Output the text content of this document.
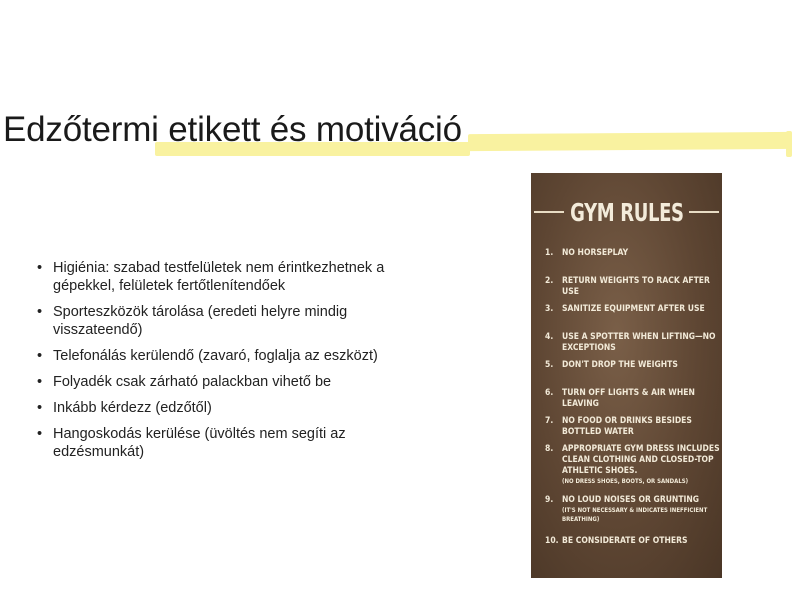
Edzőtermi etikett és motiváció
• Higiénia: szabad testfelületek nem érintkezhetnek a gépekkel, felületek fertőtlenítendőek
• Sporteszközök tárolása (eredeti helyre mindig visszateendő)
• Telefonálás kerülendő (zavaró, foglalja az eszközt)
• Folyadék csak zárható palackban vihető be
• Inkább kérdezz (edzőtől)
• Hangoskodás kerülése (üvöltés nem segíti az edzésmunkát)
GYM RULES
1.	NO HORSEPLAY
2.	RETURN WEIGHTS TO RACK AFTER USE
3.	SANITIZE EQUIPMENT AFTER USE
4.	USE A SPOTTER WHEN LIFTING—NO EXCEPTIONS
5.	DON'T DROP THE WEIGHTS
6.	TURN OFF LIGHTS & AIR WHEN LEAVING
7.	NO FOOD OR DRINKS BESIDES BOTTLED WATER
8.	APPROPRIATE GYM DRESS INCLUDES CLEAN CLOTHING AND CLOSED-TOP ATHLETIC SHOES.
(NO DRESS SHOES, BOOTS, OR SANDALS)
9.	NO LOUD NOISES OR GRUNTING
(IT'S NOT NECESSARY & INDICATES INEFFICIENT BREATHING)
10. BE CONSIDERATE OF OTHERS
